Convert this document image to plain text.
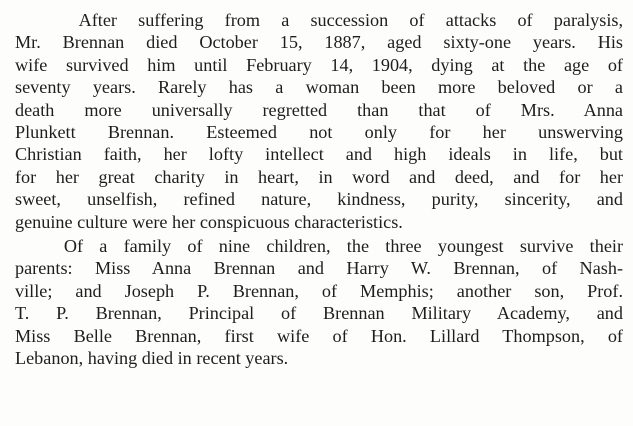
After suffering from a succession of attacks of paralysis,
Mr. Brennan died October 15, 1887, aged sixty-one years. His
wife survived him until February 14, 1904, dying at the age of
seventy years. Rarely has a woman been more beloved or a
death more universally regretted than that of Mrs. Anna
Plunkett Brennan. Esteemed not only for her unswerving
Christian faith, her lofty intellect and high ideals in life, but
for her great charity in heart, in word and deed, and for her
sweet, unselfish, refined nature, kindness, purity, sincerity, and
genuine culture were her conspicuous characteristics.

Of a family of nine children, the three youngest survive their
parents: Miss Anna Brennan and Harry W. Brennan, of Nash-
ville; and Joseph P. Brennan, of Memphis; another son, Prof.
T. P. Brennan, Principal of Brennan Military Academy, and
Miss Belle Brennan, first wife of Hon. Lillard Thompson, of
Lebanon, having died in recent years.
